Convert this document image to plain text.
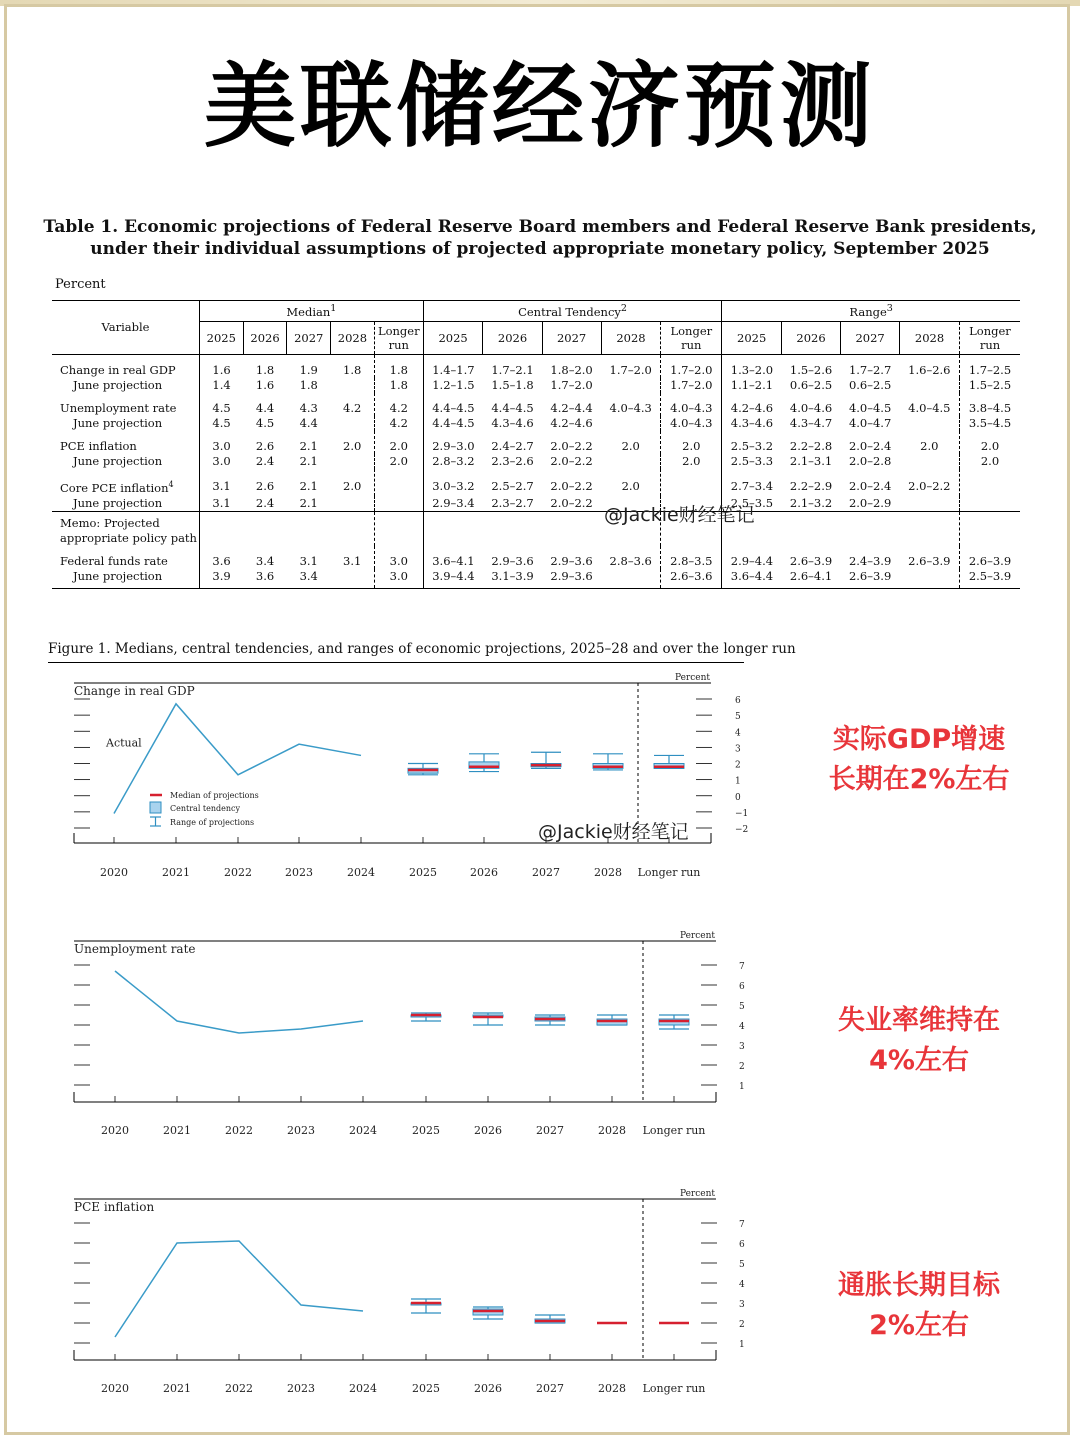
美联储经济预测
Table 1. Economic projections of Federal Reserve Board members and Federal Reserve Bank presidents,
under their individual assumptions of projected appropriate monetary policy, September 2025
Percent
Variable	Median$^1$					Central Tendency$^2$					Range$^3$
	2025	2026	2027	2028	Longer run	2025	2026	2027	2028	Longer run	2025	2026	2027	2028	Longer run
Change in real GDP	1.6	1.8	1.9	1.8	1.8	1.4–1.7	1.7–2.1	1.8–2.0	1.7–2.0	1.7–2.0	1.3–2.0	1.5–2.6	1.7–2.7	1.6–2.6	1.7–2.5
June projection	1.4	1.6	1.8		1.8	1.2–1.5	1.5–1.8	1.7–2.0		1.7–2.0	1.1–2.1	0.6–2.5	0.6–2.5		1.5–2.5
Unemployment rate	4.5	4.4	4.3	4.2	4.2	4.4–4.5	4.4–4.5	4.2–4.4	4.0–4.3	4.0–4.3	4.2–4.6	4.0–4.6	4.0–4.5	4.0–4.5	3.8–4.5
June projection	4.5	4.5	4.4		4.2	4.4–4.5	4.3–4.6	4.2–4.6		4.0–4.3	4.3–4.6	4.3–4.7	4.0–4.7		3.5–4.5
PCE inflation	3.0	2.6	2.1	2.0	2.0	2.9–3.0	2.4–2.7	2.0–2.2	2.0	2.0	2.5–3.2	2.2–2.8	2.0–2.4	2.0	2.0
June projection	3.0	2.4	2.1		2.0	2.8–3.2	2.3–2.6	2.0–2.2		2.0	2.5–3.3	2.1–3.1	2.0–2.8		2.0
Core PCE inflation$^4$	3.1	2.6	2.1	2.0		3.0–3.2	2.5–2.7	2.0–2.2	2.0		2.7–3.4	2.2–2.9	2.0–2.4	2.0–2.2	
June projection	3.1	2.4	2.1			2.9–3.4	2.3–2.7	2.0–2.2			2.5–3.5	2.1–3.2	2.0–2.9		

Memo: Projected
appropriate policy path															

Federal funds rate	3.6	3.4	3.1	3.1	3.0	3.6–4.1	2.9–3.6	2.9–3.6	2.8–3.6	2.8–3.5	2.9–4.4	2.6–3.9	2.4–3.9	2.6–3.9	2.6–3.9
June projection	3.9	3.6	3.4		3.0	3.9–4.4	3.1–3.9	2.9–3.6		2.6–3.6	3.6–4.4	2.6–4.1	2.6–3.9		2.5–3.9
@Jackie财经笔记
Figure 1. Medians, central tendencies, and ranges of economic projections, 2025–28 and over the longer run
Change in real GDP
Percent
6
5
4
3
2
1
0
−1
−2
2020	2021	2022	2023	2024	2025	2026	2027	2028 Longer run
Actual
Median of projections
Central tendency
Range of projections
Unemployment rate
Percent
7
6
5
4
3
2
1
2020	2021	2022	2023	2024	2025	2026	2027	2028 Longer run
PCE inflation
Percent
7
6
5
4
3
2
1
2020	2021	2022	2023	2024	2025	2026	2027	2028 Longer run
@Jackie财经笔记
实际GDP增速
长期在2%左右
失业率维持在
4%左右
通胀长期目标
2%左右
